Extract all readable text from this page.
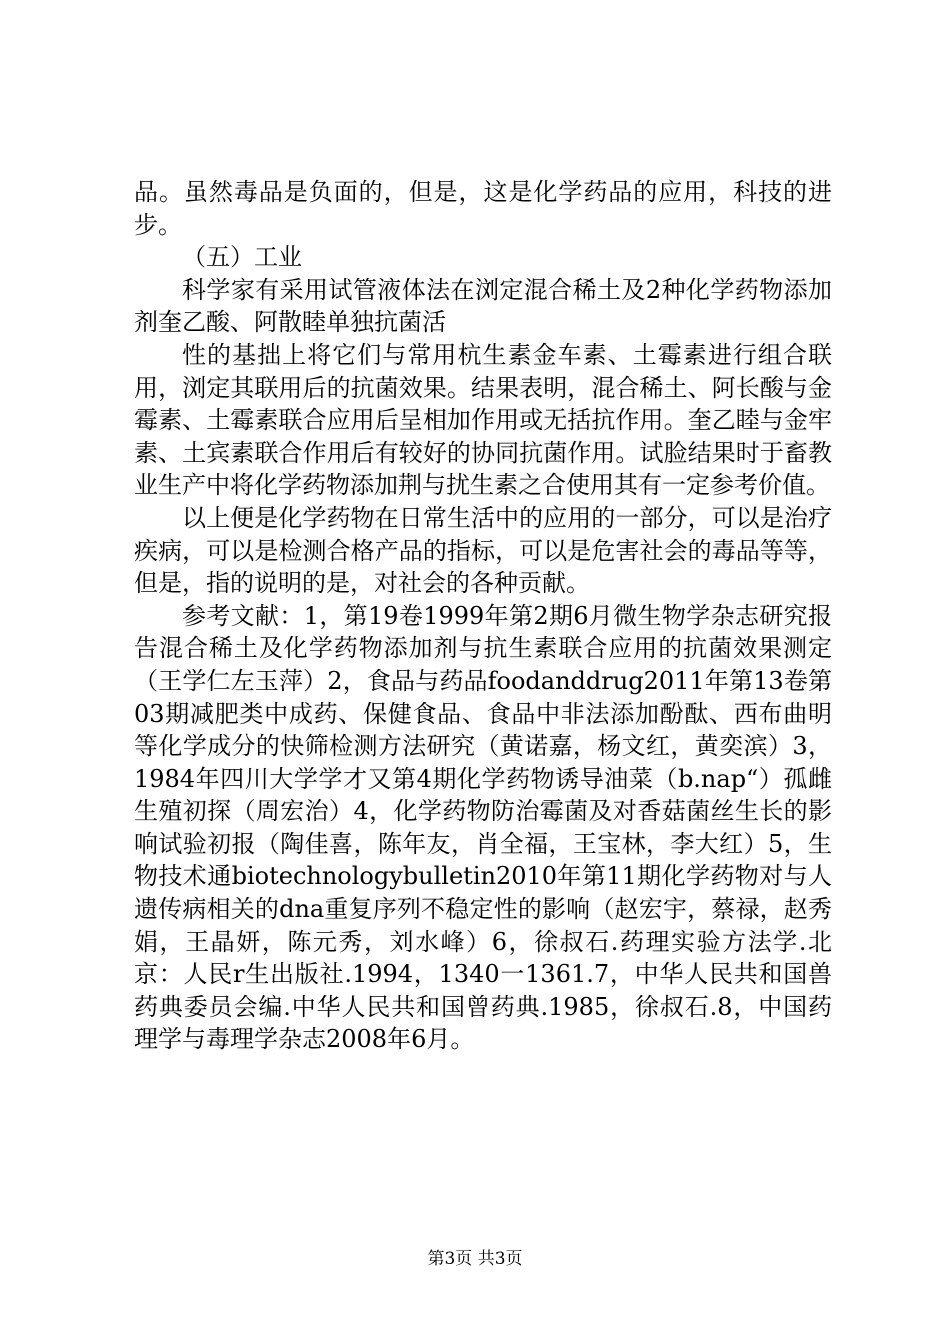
品。虽然毒品是负面的，但是，这是化学药品的应用，科技的进步。

（五）工业

科学家有采用试管液体法在浏定混合稀土及2种化学药物添加剂奎乙酸、阿散睦单独抗菌活

性的基拙上将它们与常用杭生素金车素、土霉素进行组合联用，浏定其联用后的抗菌效果。结果表明，混合稀土、阿长酸与金霉素、土霉素联合应用后呈相加作用或无括抗作用。奎乙睦与金牢素、土宾素联合作用后有较好的协同抗菌作用。试脸结果时于畜教业生产中将化学药物添加荆与扰生素之合使用其有一定参考价值。

以上便是化学药物在日常生活中的应用的一部分，可以是治疗疾病，可以是检测合格产品的指标，可以是危害社会的毒品等等，但是，指的说明的是，对社会的各种贡献。

参考文献：1，第19卷1999年第2期6月微生物学杂志研究报告混合稀土及化学药物添加剂与抗生素联合应用的抗菌效果测定（王学仁左玉萍）2，食品与药品foodanddrug2011年第13卷第03期减肥类中成药、保健食品、食品中非法添加酚酞、西布曲明等化学成分的快筛检测方法研究（黄诺嘉，杨文红，黄奕滨）3，1984年四川大学学才又第4期化学药物诱导油菜（b.nap“）孤雌生殖初探（周宏治）4，化学药物防治霉菌及对香菇菌丝生长的影响试验初报（陶佳喜，陈年友，肖全福，王宝林，李大红）5，生物技术通biotechnologybulletin2010年第11期化学药物对与人遗传病相关的dna重复序列不稳定性的影响（赵宏宇，蔡禄，赵秀娟，王晶妍，陈元秀，刘水峰）6，徐叔石.药理实验方法学.北京：人民r生出版社.1994，1340一1361.7，中华人民共和国兽药典委员会编.中华人民共和国曾药典.1985，徐叔石.8，中国药理学与毒理学杂志2008年6月。

第3页 共3页
